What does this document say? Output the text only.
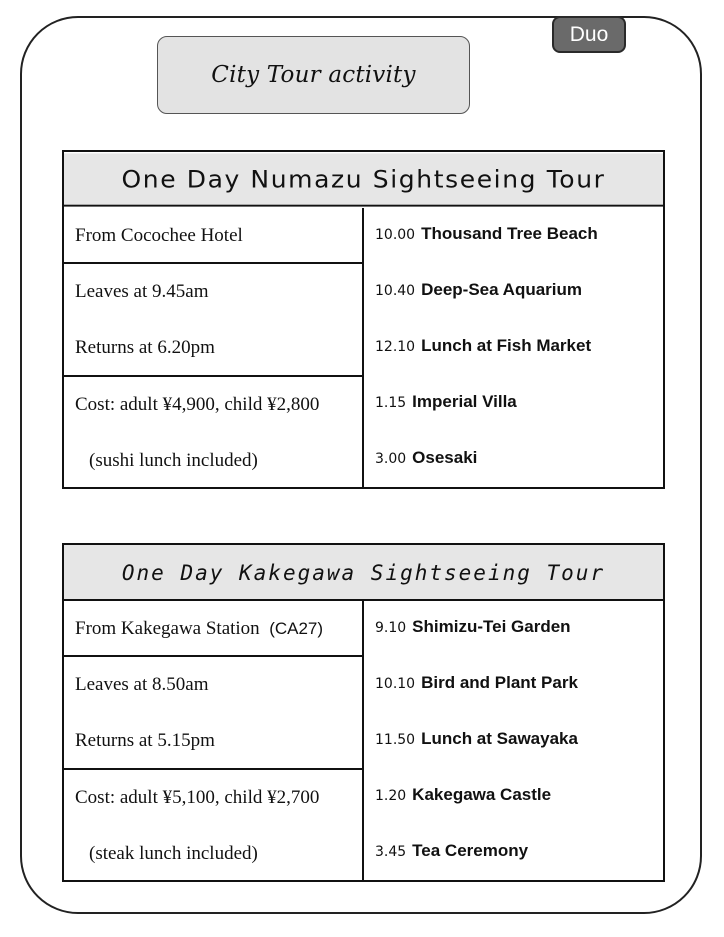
Duo
City Tour activity
One Day Numazu Sightseeing Tour
From Cocochee Hotel
Leaves at 9.45am
Returns at 6.20pm
Cost: adult ¥4,900, child ¥2,800
(sushi lunch included)
10.00 Thousand Tree Beach
10.40 Deep-Sea Aquarium
12.10 Lunch at Fish Market
1.15 Imperial Villa
3.00 Osesaki
One Day Kakegawa Sightseeing Tour
From Kakegawa Station (CA27)
Leaves at 8.50am
Returns at 5.15pm
Cost: adult ¥5,100, child ¥2,700
(steak lunch included)
9.10 Shimizu-Tei Garden
10.10 Bird and Plant Park
11.50 Lunch at Sawayaka
1.20 Kakegawa Castle
3.45 Tea Ceremony
